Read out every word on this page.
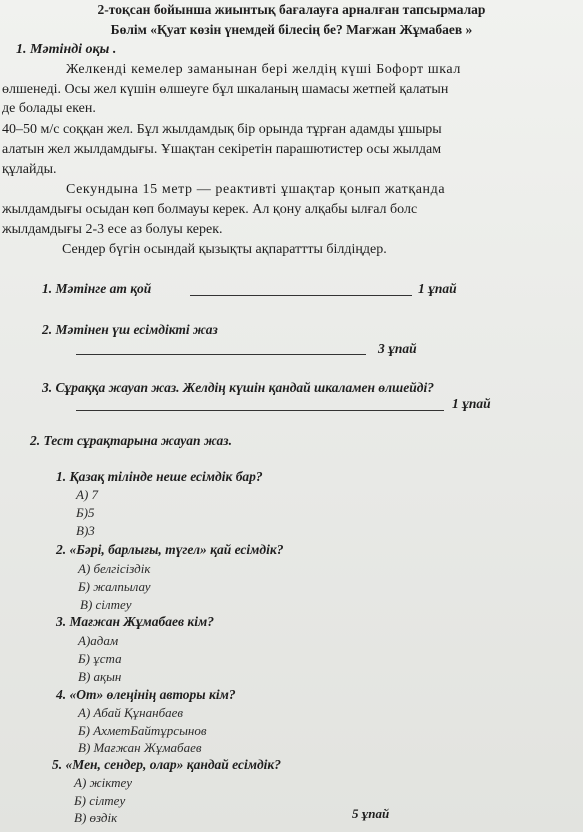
2-тоқсан бойынша жиынтық бағалауға арналған тапсырмалар
Бөлім «Қуат көзін үнемдей білесің бе? Мағжан Жұмабаев »
1. Мәтінді оқы .
Желкенді кемелер заманынан бері желдің күші Бофорт шкал
өлшенеді. Осы жел күшін өлшеуге бұл шкаланың шамасы жетпей қалатын
де болады екен.
40–50 м/с соққан жел. Бұл жылдамдық бір орында тұрған адамды ұшыры
алатын жел жылдамдығы. Ұшақтан секіретін парашютистер осы жылдам
құлайды.
Секундына 15 метр — реактивті ұшақтар қонып жатқанда
жылдамдығы осыдан көп болмауы керек. Ал қону алқабы ылғал болс
жылдамдығы 2-3 есе аз болуы керек.
Сендер бүгін осындай қызықты ақпараттты білдіңдер.
1. Мәтінге ат қой	1 ұпай
2. Мәтінен үш есімдікті жаз
3 ұпай
3. Сұраққа жауап жаз. Желдің күшін қандай шкаламен өлшейді?
1 ұпай
2. Тест сұрақтарына жауап жаз.
1. Қазақ тілінде неше есімдік бар?
А) 7
Б)5
В)3
2. «Бәрі, барлығы, түгел» қай есімдік?
А) белгісіздік
Б) жалпылау
В) сілтеу
3. Мағжан Жұмабаев кім?
А)адам
Б) ұста
В) ақын
4. «От» өлеңінің авторы кім?
А) Абай Құнанбаев
Б) АхметБайтұрсынов
В) Мағжан Жұмабаев
5. «Мен, сендер, олар» қандай есімдік?
А) жіктеу
Б) сілтеу
В) өздік	5 ұпай
